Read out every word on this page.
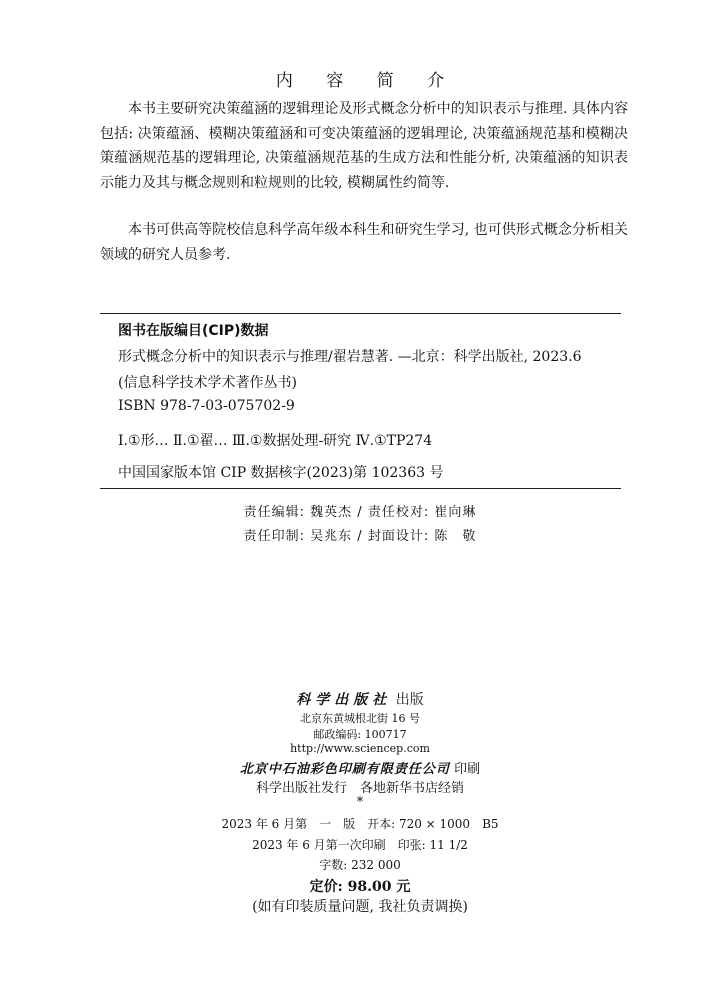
内 容 简 介

本书主要研究决策蕴涵的逻辑理论及形式概念分析中的知识表示与推理. 具体内容包括: 决策蕴涵、模糊决策蕴涵和可变决策蕴涵的逻辑理论, 决策蕴涵规范基和模糊决策蕴涵规范基的逻辑理论, 决策蕴涵规范基的生成方法和性能分析, 决策蕴涵的知识表示能力及其与概念规则和粒规则的比较, 模糊属性约简等.

本书可供高等院校信息科学高年级本科生和研究生学习, 也可供形式概念分析相关领域的研究人员参考.

图书在版编目(CIP)数据
形式概念分析中的知识表示与推理/翟岩慧著. —北京：科学出版社, 2023.6
(信息科学技术学术著作丛书)
ISBN 978-7-03-075702-9
Ⅰ.①形… Ⅱ.①翟… Ⅲ.①数据处理-研究 Ⅳ.①TP274
中国国家版本馆 CIP 数据核字(2023)第 102363 号
责任编辑: 魏英杰 / 责任校对: 崔向琳
责任印制: 吴兆东 / 封面设计: 陈　敬
科学出版社 出版
北京东黄城根北街 16 号
邮政编码: 100717
http://www.sciencep.com
北京中石油彩色印刷有限责任公司 印刷
科学出版社发行　各地新华书店经销
*
2023 年 6 月第　一　版　开本: 720 × 1000　B5
2023 年 6 月第一次印刷　印张: 11 1/2
字数: 232 000
定价: 98.00 元
(如有印装质量问题, 我社负责调换)
